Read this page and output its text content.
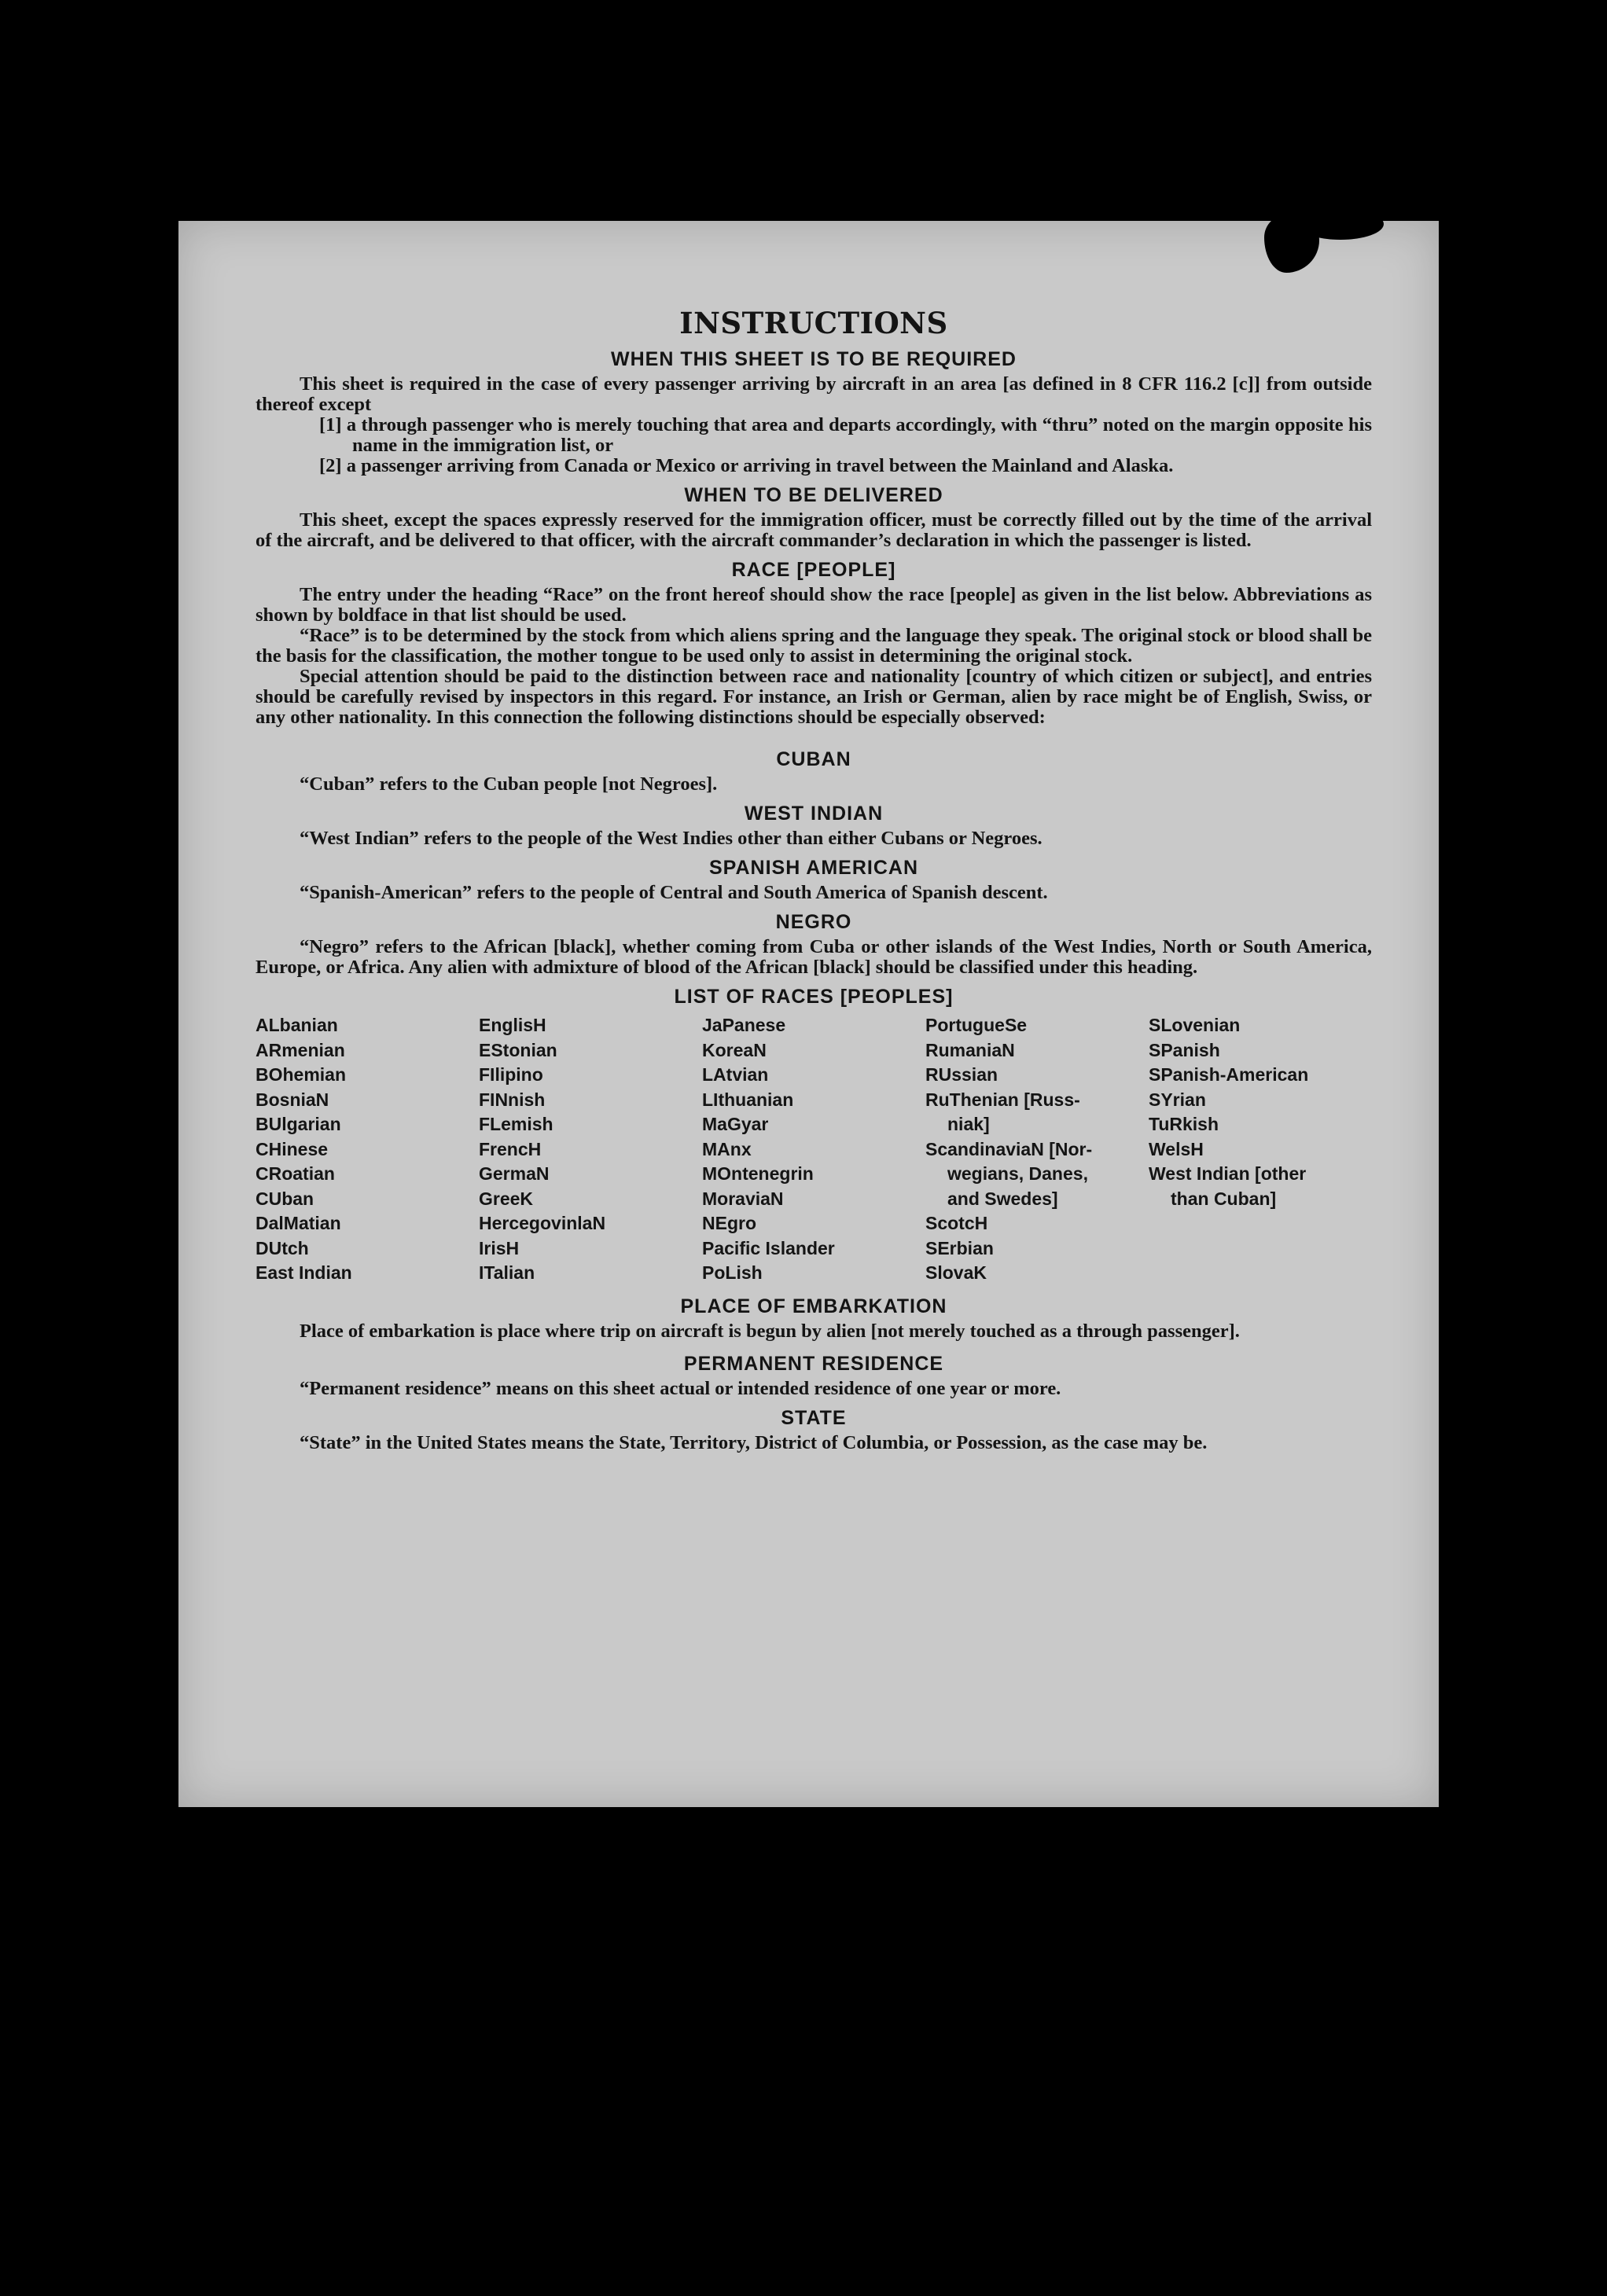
INSTRUCTIONS
WHEN THIS SHEET IS TO BE REQUIRED

This sheet is required in the case of every passenger arriving by aircraft in an area [as defined in 8 CFR 116.2 [c]] from outside thereof except

[1] a through passenger who is merely touching that area and departs accordingly, with “thru” noted on the margin opposite his name in the immigration list, or

[2] a passenger arriving from Canada or Mexico or arriving in travel between the Mainland and Alaska.

WHEN TO BE DELIVERED

This sheet, except the spaces expressly reserved for the immigration officer, must be correctly filled out by the time of the arrival of the aircraft, and be delivered to that officer, with the aircraft commander’s declaration in which the passenger is listed.

RACE [PEOPLE]

The entry under the heading “Race” on the front hereof should show the race [people] as given in the list below. Abbreviations as shown by boldface in that list should be used.

“Race” is to be determined by the stock from which aliens spring and the language they speak. The original stock or blood shall be the basis for the classification, the mother tongue to be used only to assist in determining the original stock.

Special attention should be paid to the distinction between race and nationality [country of which citizen or subject], and entries should be carefully revised by inspectors in this regard. For instance, an Irish or German, alien by race might be of English, Swiss, or any other nationality. In this connection the following distinctions should be especially observed:

CUBAN

“Cuban” refers to the Cuban people [not Negroes].

WEST INDIAN

“West Indian” refers to the people of the West Indies other than either Cubans or Negroes.

SPANISH AMERICAN

“Spanish-American” refers to the people of Central and South America of Spanish descent.

NEGRO

“Negro” refers to the African [black], whether coming from Cuba or other islands of the West Indies, North or South America, Europe, or Africa. Any alien with admixture of blood of the African [black] should be classified under this heading.

LIST OF RACES [PEOPLES]
ALbanian
ARmenian
BOhemian
BosniaN
BUlgarian
CHinese
CRoatian
CUban
DalMatian
DUtch
East Indian
EnglisH
EStonian
FIlipino
FINnish
FLemish
FrencH
GermaN
GreeK
HercegovinlaN
IrisH
ITalian
JaPanese
KoreaN
LAtvian
LIthuanian
MaGyar
MAnx
MOntenegrin
MoraviaN
NEgro
Pacific Islander
PoLish
PortugueSe
RumaniaN
RUssian
RuThenian [Russ-
niak]
ScandinaviaN [Nor-
wegians, Danes,
and Swedes]
ScotcH
SErbian
SlovaK
SLovenian
SPanish
SPanish-American
SYrian
TuRkish
WelsH
West Indian [other
than Cuban]
PLACE OF EMBARKATION

Place of embarkation is place where trip on aircraft is begun by alien [not merely touched as a through passenger].

PERMANENT RESIDENCE

“Permanent residence” means on this sheet actual or intended residence of one year or more.

STATE

“State” in the United States means the State, Territory, District of Columbia, or Possession, as the case may be.
